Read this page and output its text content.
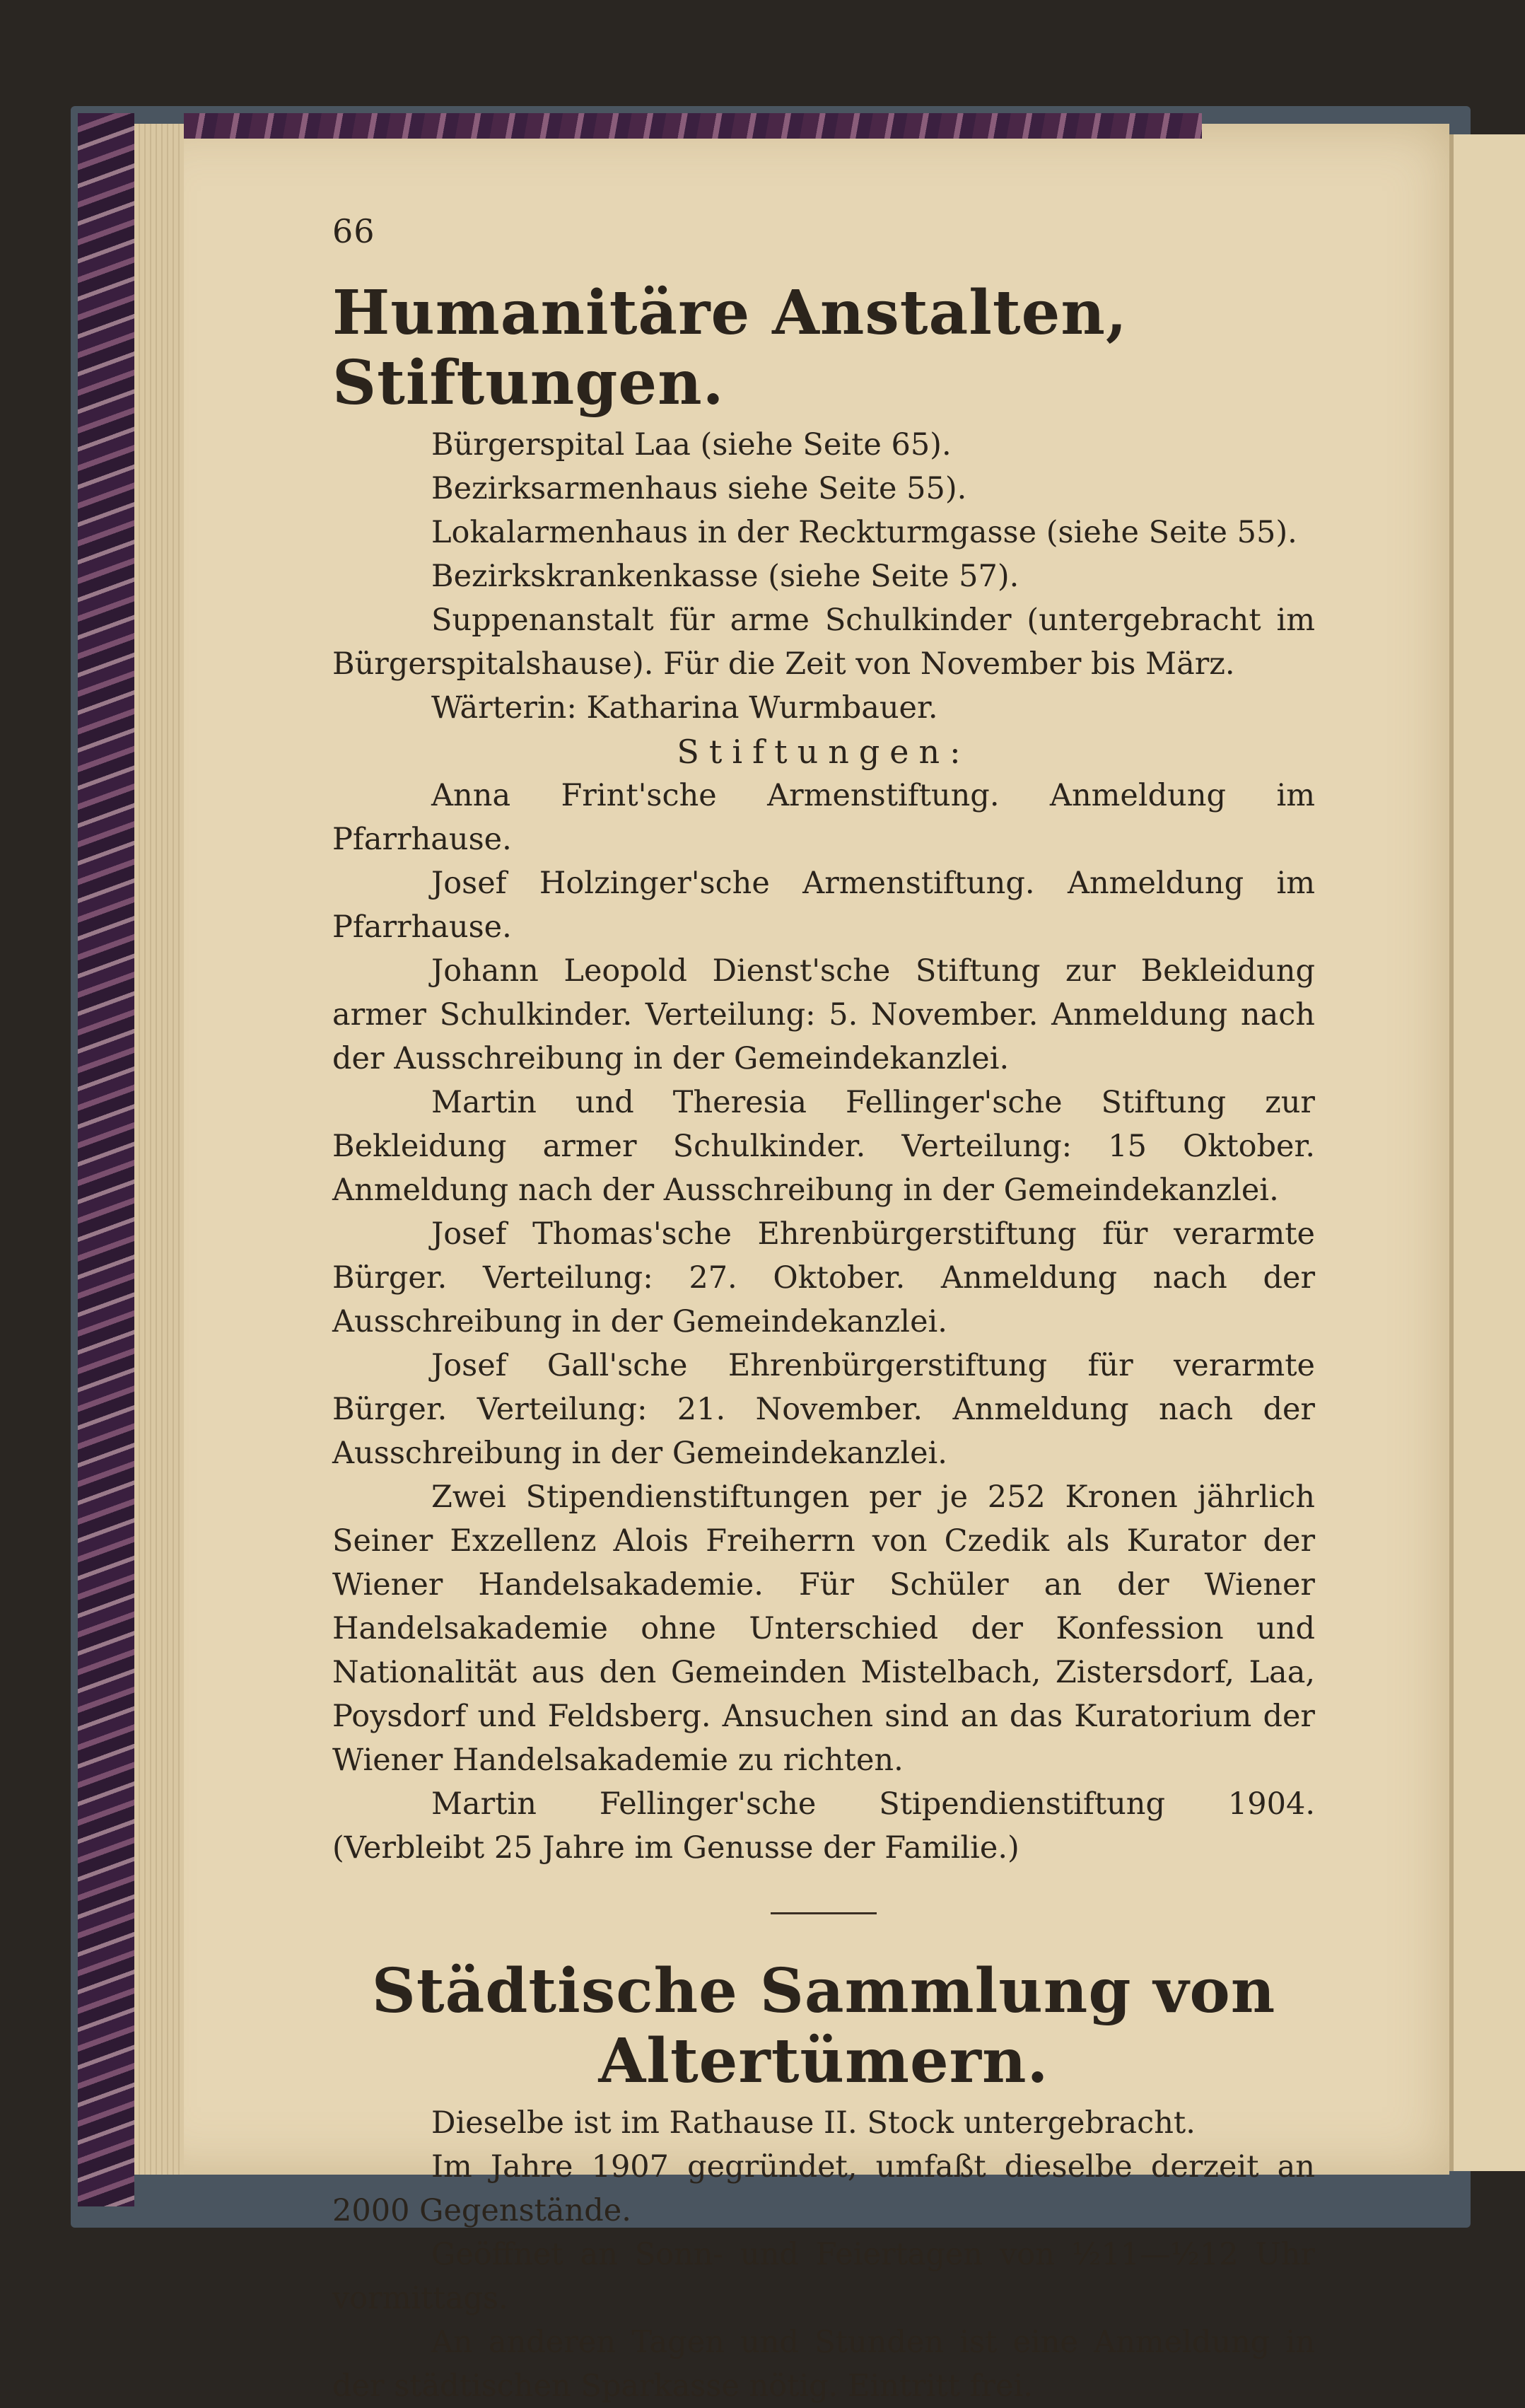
66
Humanitäre Anstalten, Stiftungen.

Bürgerspital Laa (siehe Seite 65).

Bezirksarmenhaus siehe Seite 55).

Lokalarmenhaus in der Reckturmgasse (siehe Seite 55).

Bezirkskrankenkasse (siehe Seite 57).

Suppenanstalt für arme Schulkinder (untergebracht im Bürgerspitalshause). Für die Zeit von November bis März.

Wärterin: Katharina Wurmbauer.

Stiftungen:

Anna Frint'sche Armenstiftung. Anmeldung im Pfarrhause.

Josef Holzinger'sche Armenstiftung. Anmeldung im Pfarrhause.

Johann Leopold Dienst'sche Stiftung zur Bekleidung armer Schulkinder. Verteilung: 5. November. Anmeldung nach der Ausschreibung in der Gemeindekanzlei.

Martin und Theresia Fellinger'sche Stiftung zur Bekleidung armer Schulkinder. Verteilung: 15 Oktober. Anmeldung nach der Ausschreibung in der Gemeindekanzlei.

Josef Thomas'sche Ehrenbürgerstiftung für verarmte Bürger. Verteilung: 27. Oktober. Anmeldung nach der Ausschreibung in der Gemeindekanzlei.

Josef Gall'sche Ehrenbürgerstiftung für verarmte Bürger. Verteilung: 21. November. Anmeldung nach der Ausschreibung in der Gemeindekanzlei.

Zwei Stipendienstiftungen per je 252 Kronen jährlich Seiner Exzellenz Alois Freiherrn von Czedik als Kurator der Wiener Handelsakademie. Für Schüler an der Wiener Handelsakademie ohne Unterschied der Konfession und Nationalität aus den Gemeinden Mistelbach, Zistersdorf, Laa, Poysdorf und Feldsberg. Ansuchen sind an das Kuratorium der Wiener Handelsakademie zu richten.

Martin Fellinger'sche Stipendienstiftung 1904. (Verbleibt 25 Jahre im Genusse der Familie.)

Städtische Sammlung von Altertümern.

Dieselbe ist im Rathause II. Stock untergebracht.

Im Jahre 1907 gegründet, umfaßt dieselbe derzeit an 2000 Gegenstände.

Geöffnet an Sonn- und Feiertagen von ½11—½12 Uhr vormittags.

An anderen Tagen und Stunden ist eine Anmeldung in der städtischen Sparkasse nötig. Eintritt frei.
